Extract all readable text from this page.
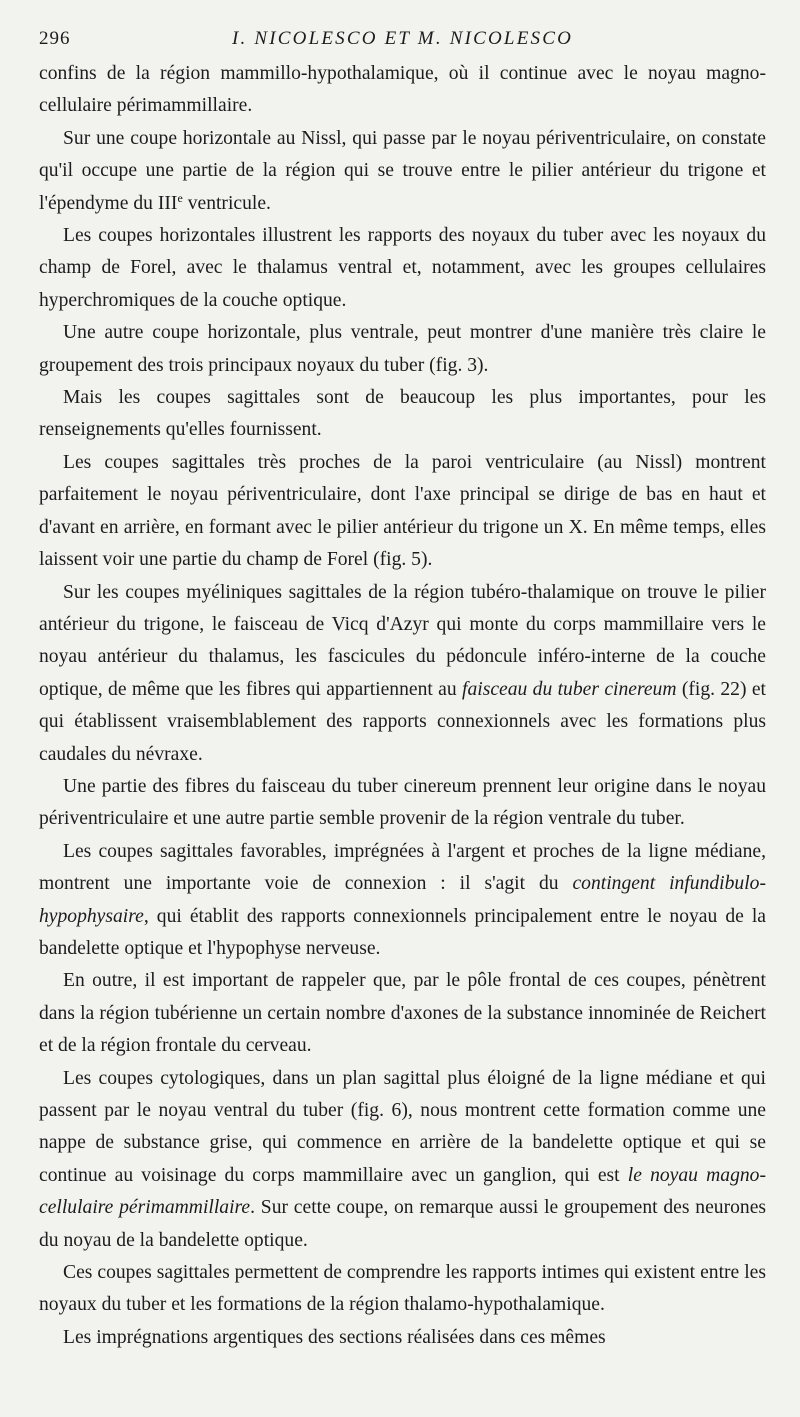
296	I. NICOLESCO ET M. NICOLESCO

confins de la région mammillo-hypothalamique, où il continue avec le noyau magno-cellulaire périmammillaire.

Sur une coupe horizontale au Nissl, qui passe par le noyau périventriculaire, on constate qu'il occupe une partie de la région qui se trouve entre le pilier antérieur du trigone et l'épendyme du IIIe ventricule.

Les coupes horizontales illustrent les rapports des noyaux du tuber avec les noyaux du champ de Forel, avec le thalamus ventral et, notamment, avec les groupes cellulaires hyperchromiques de la couche optique.

Une autre coupe horizontale, plus ventrale, peut montrer d'une manière très claire le groupement des trois principaux noyaux du tuber (fig. 3).

Mais les coupes sagittales sont de beaucoup les plus importantes, pour les renseignements qu'elles fournissent.

Les coupes sagittales très proches de la paroi ventriculaire (au Nissl) montrent parfaitement le noyau périventriculaire, dont l'axe principal se dirige de bas en haut et d'avant en arrière, en formant avec le pilier antérieur du trigone un X. En même temps, elles laissent voir une partie du champ de Forel (fig. 5).

Sur les coupes myéliniques sagittales de la région tubéro-thalamique on trouve le pilier antérieur du trigone, le faisceau de Vicq d'Azyr qui monte du corps mammillaire vers le noyau antérieur du thalamus, les fascicules du pédoncule inféro-interne de la couche optique, de même que les fibres qui appartiennent au faisceau du tuber cinereum (fig. 22) et qui établissent vraisemblablement des rapports connexionnels avec les formations plus caudales du névraxe.

Une partie des fibres du faisceau du tuber cinereum prennent leur origine dans le noyau périventriculaire et une autre partie semble provenir de la région ventrale du tuber.

Les coupes sagittales favorables, imprégnées à l'argent et proches de la ligne médiane, montrent une importante voie de connexion : il s'agit du contingent infundibulo-hypophysaire, qui établit des rapports connexionnels principalement entre le noyau de la bandelette optique et l'hypophyse nerveuse.

En outre, il est important de rappeler que, par le pôle frontal de ces coupes, pénètrent dans la région tubérienne un certain nombre d'axones de la substance innominée de Reichert et de la région frontale du cerveau.

Les coupes cytologiques, dans un plan sagittal plus éloigné de la ligne médiane et qui passent par le noyau ventral du tuber (fig. 6), nous montrent cette formation comme une nappe de substance grise, qui commence en arrière de la bandelette optique et qui se continue au voisinage du corps mammillaire avec un ganglion, qui est le noyau magno-cellulaire périmammillaire. Sur cette coupe, on remarque aussi le groupement des neurones du noyau de la bandelette optique.

Ces coupes sagittales permettent de comprendre les rapports intimes qui existent entre les noyaux du tuber et les formations de la région thalamo-hypothalamique.

Les imprégnations argentiques des sections réalisées dans ces mêmes
